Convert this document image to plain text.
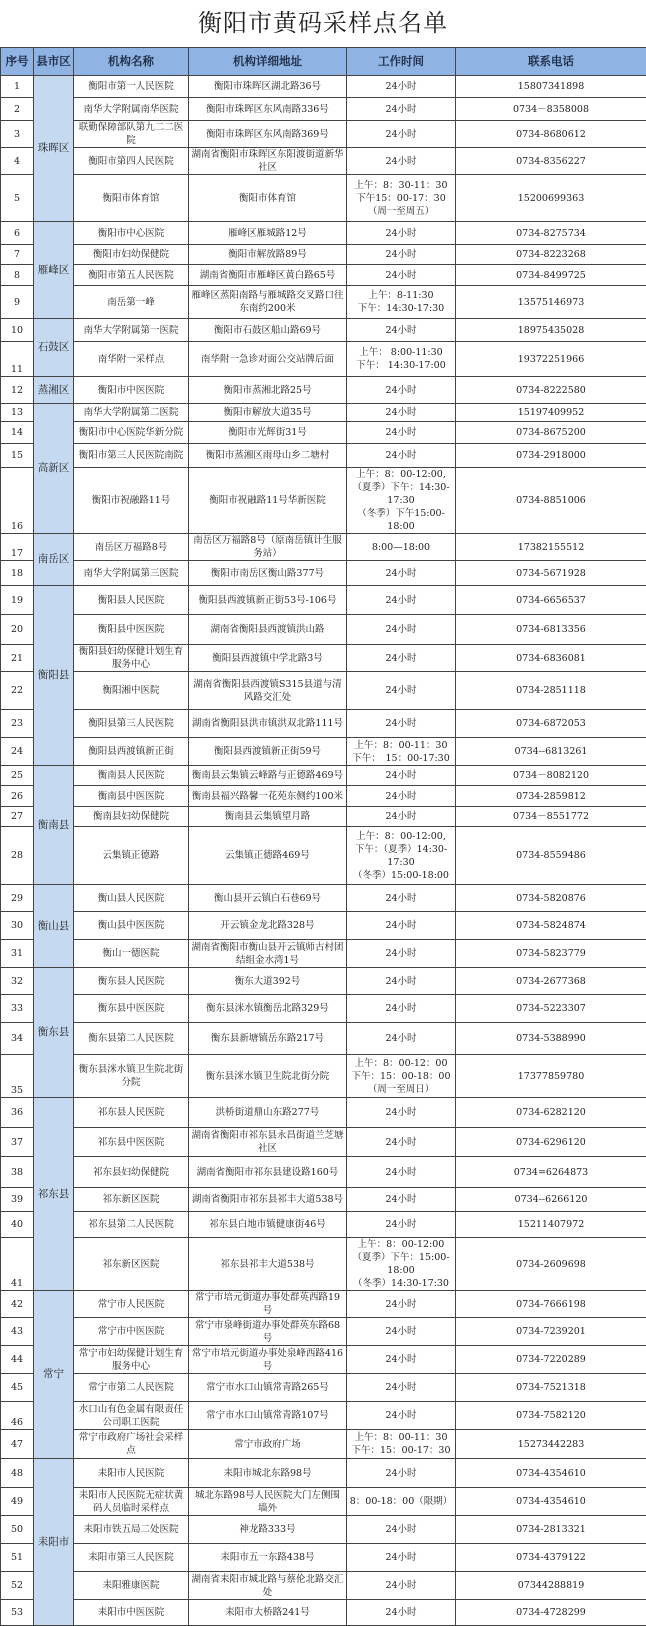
衡阳市黄码采样点名单
序号	县市区	机构名称	机构详细地址	工作时间	联系电话
1	珠晖区	衡阳市第一人民医院	衡阳市珠晖区湖北路36号	24小时	15807341898
2		南华大学附属南华医院	衡阳市珠晖区东风南路336号	24小时	0734－8358008
3		联勤保障部队第九二二医院	衡阳市珠晖区东风南路369号	24小时	0734-8680612
4		衡阳市第四人民医院	湖南省衡阳市珠晖区东阳渡街道新华社区	24小时	0734-8356227
5		衡阳市体育馆	衡阳市体育馆	上午：8：30-11：30
下午15：00-17：30
（周一至周五）	15200699363
6	雁峰区	衡阳市中心医院	雁峰区雁城路12号	24小时	0734-8275734
7		衡阳市妇幼保健院	衡阳市解放路89号	24小时	0734-8223268
8		衡阳市第五人民医院	湖南省衡阳市雁峰区黄白路65号	24小时	0734-8499725
9		南岳第一峰	雁峰区蒸阳南路与雁城路交叉路口往东南约200米	上午：8-11:30
下午：14:30-17:30	13575146973
10	石鼓区	南华大学附属第一医院	衡阳市石鼓区船山路69号	24小时	18975435028
11		南华附一采样点	南华附一急诊对面公交站牌后面	上午： 8:00-11:30
下午： 14:30-17:00	19372251966
12	蒸湘区	衡阳市中医医院	衡阳市蒸湘北路25号	24小时	0734-8222580
13	高新区	南华大学附属第二医院	衡阳市解放大道35号	24小时	15197409952
14		衡阳市中心医院华新分院	衡阳市光辉街31号	24小时	0734-8675200
15		衡阳市第三人民医院南院	衡阳市蒸湘区雨母山乡二塘村	24小时	0734-2918000
16		衡阳市祝融路11号	衡阳市祝融路11号华新医院	上午：8：00-12:00,
（夏季）下午：14:30-17:30
（冬季）下午15:00-18:00	0734-8851006
17	南岳区	南岳区万福路8号	南岳区万福路8号（原南岳镇计生服务站）	8:00—18:00	17382155512
18		南华大学附属第三医院	衡阳市南岳区衡山路377号	24小时	0734-5671928
19	衡阳县	衡阳县人民医院	衡阳县西渡镇新正街53号-106号	24小时	0734-6656537
20		衡阳县中医医院	湖南省衡阳县西渡镇洪山路	24小时	0734-6813356
21		衡阳县妇幼保健计划生育服务中心	衡阳县西渡镇中学北路3号	24小时	0734-6836081
22		衡阳湘中医院	湖南省衡阳县西渡镇S315县道与清风路交汇处	24小时	0734-2851118
23		衡阳县第三人民医院	湖南省衡阳县洪市镇洪双北路111号	24小时	0734-6872053
24		衡阳县西渡镇新正街	衡阳县西渡镇新正街59号	上午：8：00-11：30
下午：　15：00-17:30	0734--6813261
25	衡南县	衡南县人民医院	衡南县云集镇云峰路与正德路469号	24小时	0734－8082120
26		衡南县中医医院	衡南县福兴路馨一花苑东侧约100米	24小时	0734-2859812
27		衡南县妇幼保健院	衡南县云集镇望月路	24小时	0734－8551772
28		云集镇正德路	云集镇正德路469号	上午：8：00-12:00,
下午：（夏季）14:30-17:30
（冬季）15:00-18:00	0734-8559486
29	衡山县	衡山县人民医院	衡山县开云镇白石巷69号	24小时	0734-5820876
30		衡山县中医医院	开云镇金龙北路328号	24小时	0734-5824874
31		衡山一德医院	湖南省衡阳市衡山县开云镇师古村团结组金水湾1号	24小时	0734-5823779
32	衡东县	衡东县人民医院	衡东大道392号	24小时	0734-2677368
33		衡东县中医医院	衡东县洣水镇衡岳北路329号	24小时	0734-5223307
34		衡东县第二人民医院	衡东县新塘镇岳东路217号	24小时	0734-5388990
35		衡东县洣水镇卫生院北街分院	衡东县洣水镇卫生院北街分院	上午：8：00-12：00
下午：15：00-18：00
（周一至周日）	17377859780
36	祁东县	祁东县人民医院	洪桥街道鼎山东路277号	24小时	0734-6282120
37		祁东县中医医院	湖南省衡阳市祁东县永昌街道兰芝塘社区	24小时	0734-6296120
38		祁东县妇幼保健院	湖南省衡阳市祁东县建设路160号	24小时	0734=6264873
39		祁东新区医院	湖南省衡阳市祁东县祁丰大道538号	24小时	0734--6266120
40		祁东县第二人民医院	祁东县白地市镇健康街46号	24小时	15211407972
41		祁东新区医院	祁东县祁丰大道538号	上午：8：00-12:00
（夏季）下午：15:00-18:00
（冬季）14:30-17:30	0734-2609698
42	常宁	常宁市人民医院	常宁市培元街道办事处群英西路19号	24小时	0734-7666198
43		常宁市中医医院	常宁市泉峰街道办事处群英东路68号	24小时	0734-7239201
44		常宁市妇幼保健计划生育服务中心	常宁市培元街道办事处泉峰西路416号	24小时	0734-7220289
45		常宁市第二人民医院	常宁市水口山镇常青路265号	24小时	0734-7521318
46		水口山有色金属有限责任公司职工医院	常宁市水口山镇常青路107号	24小时	0734-7582120
47		常宁市政府广场社会采样点	常宁市政府广场	上午：8：00-11：30
下午：15：00-17：30	15273442283
48	耒阳市	耒阳市人民医院	耒阳市城北东路98号	24小时	0734-4354610
49		耒阳市人民医院无症状黄码人员临时采样点	城北东路98号人民医院大门左侧围墙外	8：00-18：00（限期）	0734-4354610
50		耒阳市铁五局二处医院	神龙路333号	24小时	0734-2813321
51		耒阳市第三人民医院	耒阳市五一东路438号	24小时	0734-4379122
52		耒阳雅康医院	湖南省耒阳市城北路与蔡伦北路交汇处	24小时	07344288819
53		耒阳市中医医院	耒阳市大桥路241号	24小时	0734-4728299
